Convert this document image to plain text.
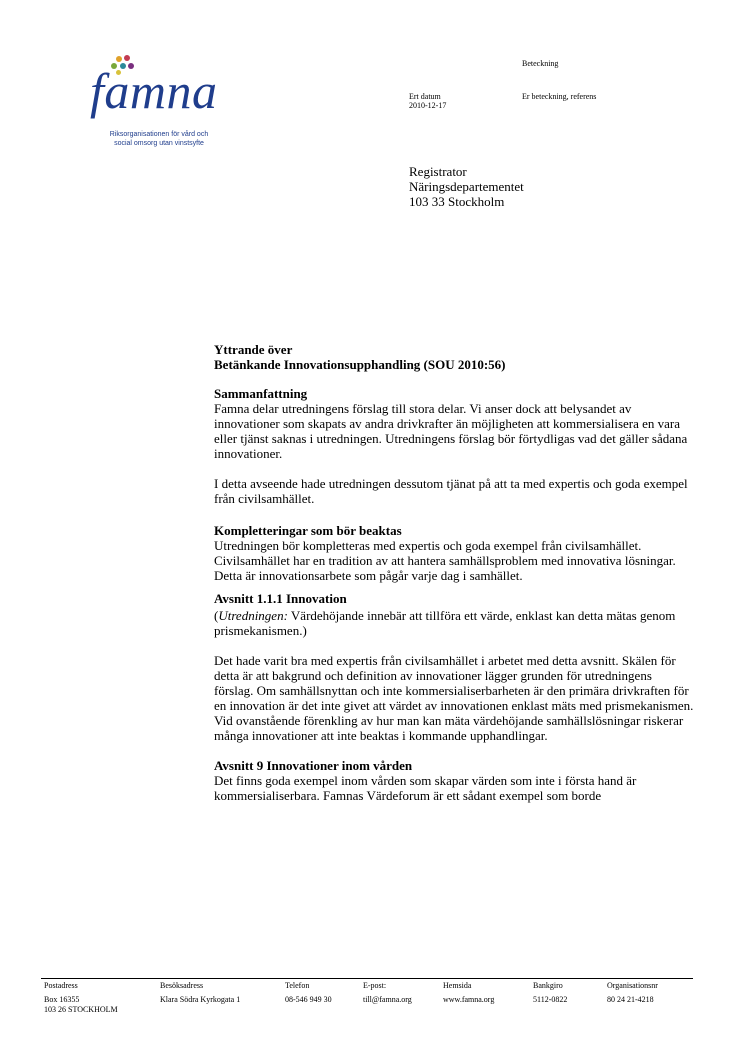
famna
Riksorganisationen för vård och
social omsorg utan vinstsyfte
Beteckning
Ert datum
2010-12-17
Er beteckning, referens
Registrator
Näringsdepartementet
103 33 Stockholm

Yttrande över

Betänkande Innovationsupphandling (SOU 2010:56)

Sammanfattning

Famna delar utredningens förslag till stora delar. Vi anser dock att belysandet av innovationer som skapats av andra drivkrafter än möjligheten att kommersialisera en vara eller tjänst saknas i utredningen. Utredningens förslag bör förtydligas vad det gäller sådana innovationer.

I detta avseende hade utredningen dessutom tjänat på att ta med expertis och goda exempel från civilsamhället.

Kompletteringar som bör beaktas

Utredningen bör kompletteras med expertis och goda exempel från civilsamhället. Civilsamhället har en tradition av att hantera samhällsproblem med innovativa lösningar. Detta är innovationsarbete som pågår varje dag i samhället.

Avsnitt 1.1.1 Innovation

(Utredningen: Värdehöjande innebär att tillföra ett värde, enklast kan detta mätas genom prismekanismen.)

Det hade varit bra med expertis från civilsamhället i arbetet med detta avsnitt. Skälen för detta är att bakgrund och definition av innovationer lägger grunden för utredningens förslag. Om samhällsnyttan och inte kommersialiserbarheten är den primära drivkraften för en innovation är det inte givet att värdet av innovationen enklast mäts med prismekanismen. Vid ovanstående förenkling av hur man kan mäta värdehöjande samhällslösningar riskerar många innovationer att inte beaktas i kommande upphandlingar.

Avsnitt 9 Innovationer inom vården

Det finns goda exempel inom vården som skapar värden som inte i första hand är kommersialiserbara. Famnas Värdeforum är ett sådant exempel som borde

Postadress
Box 16355
103 26 STOCKHOLM
Besöksadress
Klara Södra Kyrkogata 1
Telefon
08-546 949 30
E-post:
till@famna.org
Hemsida
www.famna.org
Bankgiro
5112-0822
Organisationsnr
80 24 21-4218
